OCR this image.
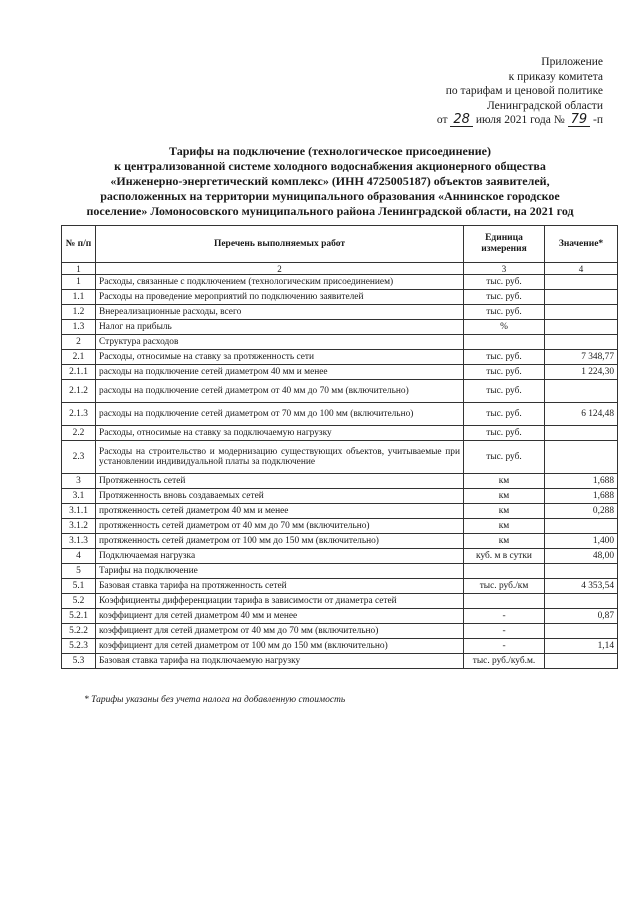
Приложение
к приказу комитета
по тарифам и ценовой политике
Ленинградской области
от 28 июля 2021 года № 79 -п
Тарифы на подключение (технологическое присоединение)
к централизованной системе холодного водоснабжения акционерного общества
«Инженерно-энергетический комплекс» (ИНН 4725005187) объектов заявителей,
расположенных на территории муниципального образования «Аннинское городское
поселение» Ломоносовского муниципального района Ленинградской области, на 2021 год
№ п/п	Перечень выполняемых работ	Единица измерения	Значение*
1	2	3	4
1	Расходы, связанные с подключением (технологическим присоединением)	тыс. руб.	
1.1	Расходы на проведение мероприятий по подключению заявителей	тыс. руб.	
1.2	Внереализационные расходы, всего	тыс. руб.	
1.3	Налог на прибыль	%	
2	Структура расходов		
2.1	Расходы, относимые на ставку за протяженность сети	тыс. руб.	7 348,77
2.1.1	расходы на подключение сетей диаметром 40 мм и менее	тыс. руб.	1 224,30
2.1.2	расходы на подключение сетей диаметром от 40 мм до 70 мм (включительно)	тыс. руб.	
2.1.3	расходы на подключение сетей диаметром от 70 мм до 100 мм (включительно)	тыс. руб.	6 124,48
2.2	Расходы, относимые на ставку за подключаемую нагрузку	тыс. руб.	
2.3	Расходы на строительство и модернизацию существующих объектов, учитываемые при установлении индивидуальной платы за подключение	тыс. руб.	
3	Протяженность сетей	км	1,688
3.1	Протяженность вновь создаваемых сетей	км	1,688
3.1.1	протяженность сетей диаметром 40 мм и менее	км	0,288
3.1.2	протяженность сетей диаметром от 40 мм до 70 мм (включительно)	км	
3.1.3	протяженность сетей диаметром от 100 мм до 150 мм (включительно)	км	1,400
4	Подключаемая нагрузка	куб. м в сутки	48,00
5	Тарифы на подключение		
5.1	Базовая ставка тарифа на протяженность сетей	тыс. руб./км	4 353,54
5.2	Коэффициенты дифференциации тарифа в зависимости от диаметра сетей		
5.2.1	коэффициент для сетей диаметром 40 мм и менее	-	0,87
5.2.2	коэффициент для сетей диаметром от 40 мм до 70 мм (включительно)	-	
5.2.3	коэффициент для сетей диаметром от 100 мм до 150 мм (включительно)	-	1,14
5.3	Базовая ставка тарифа на подключаемую нагрузку	тыс. руб./куб.м.	
* Тарифы указаны без учета налога на добавленную стоимость
